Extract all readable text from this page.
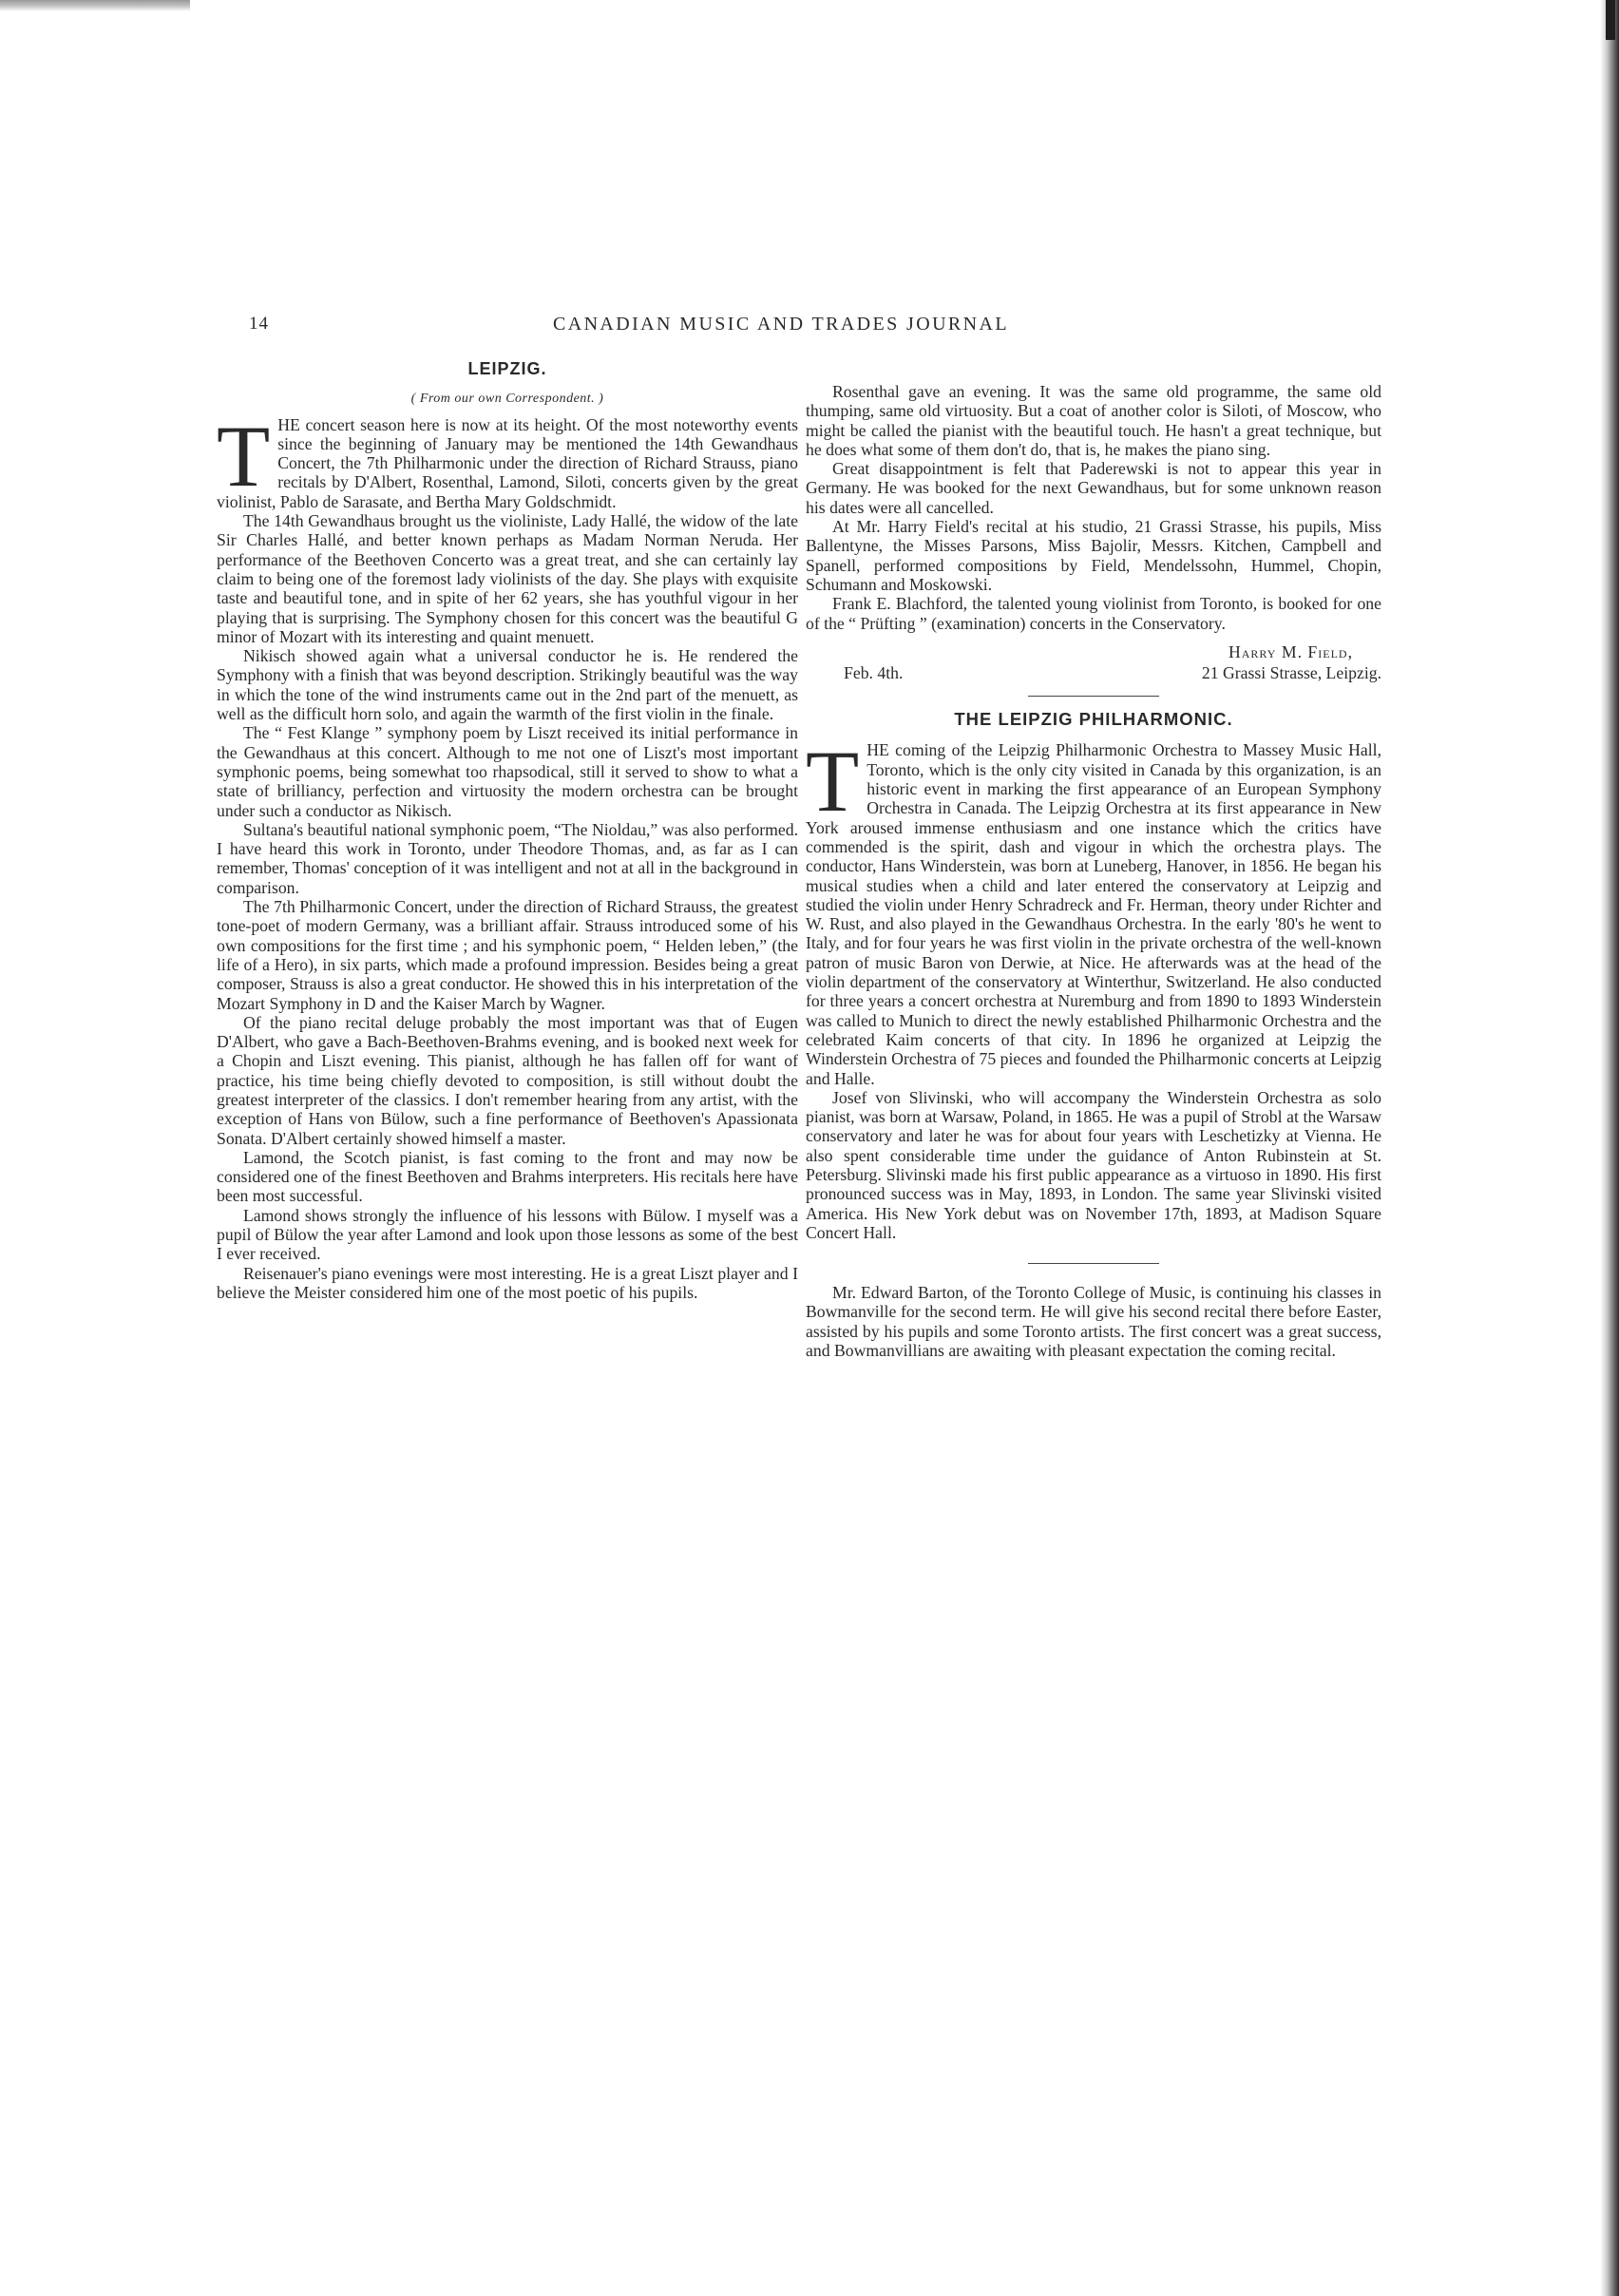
14	CANADIAN MUSIC AND TRADES JOURNAL
LEIPZIG.
( From our own Correspondent. )

THE concert season here is now at its height. Of the most noteworthy events since the beginning of January may be mentioned the 14th Gewandhaus Concert, the 7th Philharmonic under the direction of Richard Strauss, piano recitals by D'Albert, Rosenthal, Lamond, Siloti, concerts given by the great violinist, Pablo de Sarasate, and Bertha Mary Goldschmidt.

The 14th Gewandhaus brought us the violiniste, Lady Hallé, the widow of the late Sir Charles Hallé, and better known perhaps as Madam Norman Neruda. Her performance of the Beethoven Concerto was a great treat, and she can certainly lay claim to being one of the foremost lady violinists of the day. She plays with exquisite taste and beautiful tone, and in spite of her 62 years, she has youthful vigour in her playing that is surprising. The Symphony chosen for this concert was the beautiful G minor of Mozart with its interesting and quaint menuett.

Nikisch showed again what a universal conductor he is. He rendered the Symphony with a finish that was beyond description. Strikingly beautiful was the way in which the tone of the wind instruments came out in the 2nd part of the menuett, as well as the difficult horn solo, and again the warmth of the first violin in the finale.

The “ Fest Klange ” symphony poem by Liszt received its initial performance in the Gewandhaus at this concert. Although to me not one of Liszt's most important symphonic poems, being somewhat too rhapsodical, still it served to show to what a state of brilliancy, perfection and virtuosity the modern orchestra can be brought under such a conductor as Nikisch.

Sultana's beautiful national symphonic poem, “The Nioldau,” was also performed. I have heard this work in Toronto, under Theodore Thomas, and, as far as I can remember, Thomas' conception of it was intelligent and not at all in the background in comparison.

The 7th Philharmonic Concert, under the direction of Richard Strauss, the greatest tone-poet of modern Germany, was a brilliant affair. Strauss introduced some of his own compositions for the first time ; and his symphonic poem, “ Helden leben,” (the life of a Hero), in six parts, which made a profound impression. Besides being a great composer, Strauss is also a great conductor. He showed this in his interpretation of the Mozart Symphony in D and the Kaiser March by Wagner.

Of the piano recital deluge probably the most important was that of Eugen D'Albert, who gave a Bach-Beethoven-Brahms evening, and is booked next week for a Chopin and Liszt evening. This pianist, although he has fallen off for want of practice, his time being chiefly devoted to composition, is still without doubt the greatest interpreter of the classics. I don't remember hearing from any artist, with the exception of Hans von Bülow, such a fine performance of Beethoven's Apassionata Sonata. D'Albert certainly showed himself a master.

Lamond, the Scotch pianist, is fast coming to the front and may now be considered one of the finest Beethoven and Brahms interpreters. His recitals here have been most successful.

Lamond shows strongly the influence of his lessons with Bülow. I myself was a pupil of Bülow the year after Lamond and look upon those lessons as some of the best I ever received.

Reisenauer's piano evenings were most interesting. He is a great Liszt player and I believe the Meister considered him one of the most poetic of his pupils.

Rosenthal gave an evening. It was the same old programme, the same old thumping, same old virtuosity. But a coat of another color is Siloti, of Moscow, who might be called the pianist with the beautiful touch. He hasn't a great technique, but he does what some of them don't do, that is, he makes the piano sing.

Great disappointment is felt that Paderewski is not to appear this year in Germany. He was booked for the next Gewandhaus, but for some unknown reason his dates were all cancelled.

At Mr. Harry Field's recital at his studio, 21 Grassi Strasse, his pupils, Miss Ballentyne, the Misses Parsons, Miss Bajolir, Messrs. Kitchen, Campbell and Spanell, performed compositions by Field, Mendelssohn, Hummel, Chopin, Schumann and Moskowski.

Frank E. Blachford, the talented young violinist from Toronto, is booked for one of the “ Prüfting ” (examination) concerts in the Conservatory.

Harry M. Field,
Feb. 4th.	21 Grassi Strasse, Leipzig.
THE LEIPZIG PHILHARMONIC.

THE coming of the Leipzig Philharmonic Orchestra to Massey Music Hall, Toronto, which is the only city visited in Canada by this organization, is an historic event in marking the first appearance of an European Symphony Orchestra in Canada. The Leipzig Orchestra at its first appearance in New York aroused immense enthusiasm and one instance which the critics have commended is the spirit, dash and vigour in which the orchestra plays. The conductor, Hans Winderstein, was born at Luneberg, Hanover, in 1856. He began his musical studies when a child and later entered the conservatory at Leipzig and studied the violin under Henry Schradreck and Fr. Herman, theory under Richter and W. Rust, and also played in the Gewandhaus Orchestra. In the early '80's he went to Italy, and for four years he was first violin in the private orchestra of the well-known patron of music Baron von Derwie, at Nice. He afterwards was at the head of the violin department of the conservatory at Winterthur, Switzerland. He also conducted for three years a concert orchestra at Nuremburg and from 1890 to 1893 Winderstein was called to Munich to direct the newly established Philharmonic Orchestra and the celebrated Kaim concerts of that city. In 1896 he organized at Leipzig the Winderstein Orchestra of 75 pieces and founded the Philharmonic concerts at Leipzig and Halle.

Josef von Slivinski, who will accompany the Winderstein Orchestra as solo pianist, was born at Warsaw, Poland, in 1865. He was a pupil of Strobl at the Warsaw conservatory and later he was for about four years with Leschetizky at Vienna. He also spent considerable time under the guidance of Anton Rubinstein at St. Petersburg. Slivinski made his first public appearance as a virtuoso in 1890. His first pronounced success was in May, 1893, in London. The same year Slivinski visited America. His New York debut was on November 17th, 1893, at Madison Square Concert Hall.

Mr. Edward Barton, of the Toronto College of Music, is continuing his classes in Bowmanville for the second term. He will give his second recital there before Easter, assisted by his pupils and some Toronto artists. The first concert was a great success, and Bowmanvillians are awaiting with pleasant expectation the coming recital.
